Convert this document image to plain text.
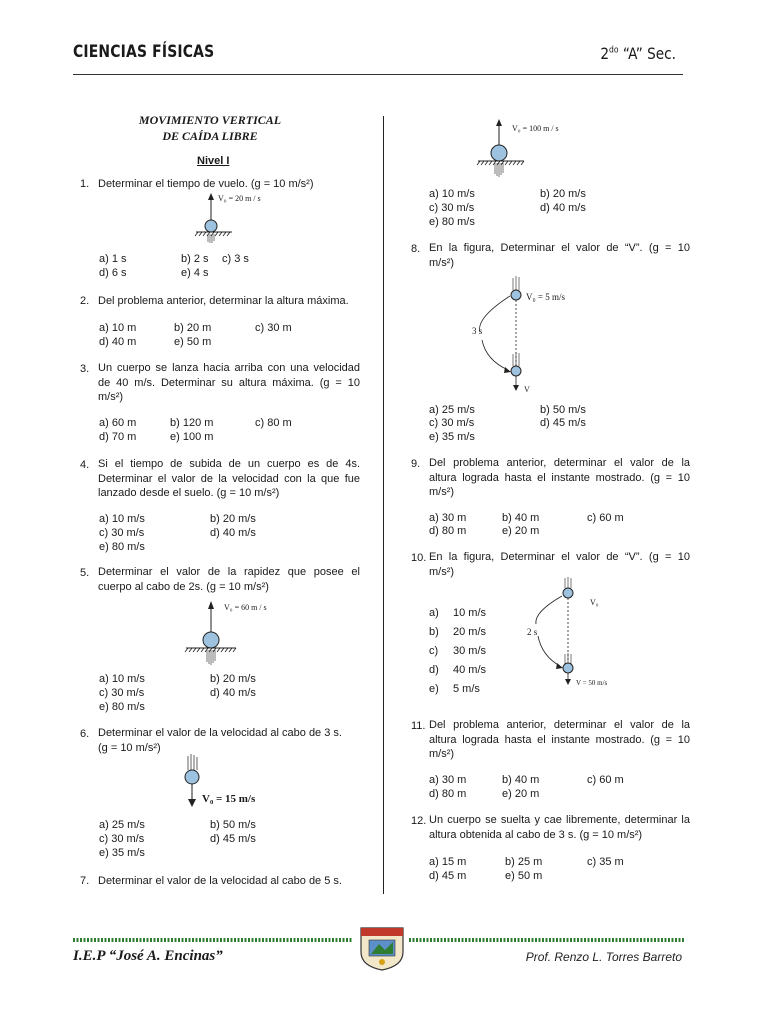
CIENCIAS FÍSICAS	$2^{do}$ “A” Sec.
MOVIMIENTO VERTICAL
DE CAÍDA LIBRE
Nivel I
1. Determinar el tiempo de vuelo. (g = 10 m/s²)
V₀ = 20 m / s
a) 1 s	b) 2 s c) 3 s
d) 6 s	e) 4 s
2. Del problema anterior, determinar la altura máxima.
a) 10 m	b) 20 m	c) 30 m
d) 40 m	e) 50 m
3. Un cuerpo se lanza hacia arriba con una velocidad
de 40 m/s. Determinar su altura máxima. (g = 10
m/s²)
a) 60 m	b) 120 m	c) 80 m
d) 70 m	e) 100 m
4. Si el tiempo de subida de un cuerpo es de 4s.
Determinar el valor de la velocidad con la que fue
lanzado desde el suelo. (g = 10 m/s²)
a) 10 m/s	b) 20 m/s
c) 30 m/s	d) 40 m/s
e) 80 m/s
5. Determinar el valor de la rapidez que posee el
cuerpo al cabo de 2s. (g = 10 m/s²)
V₀ = 60 m / s
a) 10 m/s	b) 20 m/s
c) 30 m/s	d) 40 m/s
e) 80 m/s
6. Determinar el valor de la velocidad al cabo de 3 s.
(g = 10 m/s²)
V₀ = 15 m/s
a) 25 m/s	b) 50 m/s
c) 30 m/s	d) 45 m/s
e) 35 m/s
7. Determinar el valor de la velocidad al cabo de 5 s.
V₀ = 100 m / s
a) 10 m/s	b) 20 m/s
c) 30 m/s	d) 40 m/s
e) 80 m/s
8. En la figura, Determinar el valor de “V”. (g = 10
m/s²)
V₀ = 5 m/s
3 s
V
a) 25 m/s	b) 50 m/s
c) 30 m/s	d) 45 m/s
e) 35 m/s
9. Del problema anterior, determinar el valor de la
altura lograda hasta el instante mostrado. (g = 10
m/s²)
a) 30 m	b) 40 m	c) 60 m
d) 80 m	e) 20 m
10. En la figura, Determinar el valor de “V”. (g = 10
m/s²)
V₀
2 s
V = 50 m/s
a) 10 m/s
b) 20 m/s
c) 30 m/s
d) 40 m/s
e) 5 m/s
11. Del problema anterior, determinar el valor de la
altura lograda hasta el instante mostrado. (g = 10
m/s²)
a) 30 m	b) 40 m	c) 60 m
d) 80 m	e) 20 m
12. Un cuerpo se suelta y cae libremente, determinar la
altura obtenida al cabo de 3 s. (g = 10 m/s²)
a) 15 m	b) 25 m	c) 35 m
d) 45 m	e) 50 m
I.E.P “José A. Encinas”	Prof. Renzo L. Torres Barreto
